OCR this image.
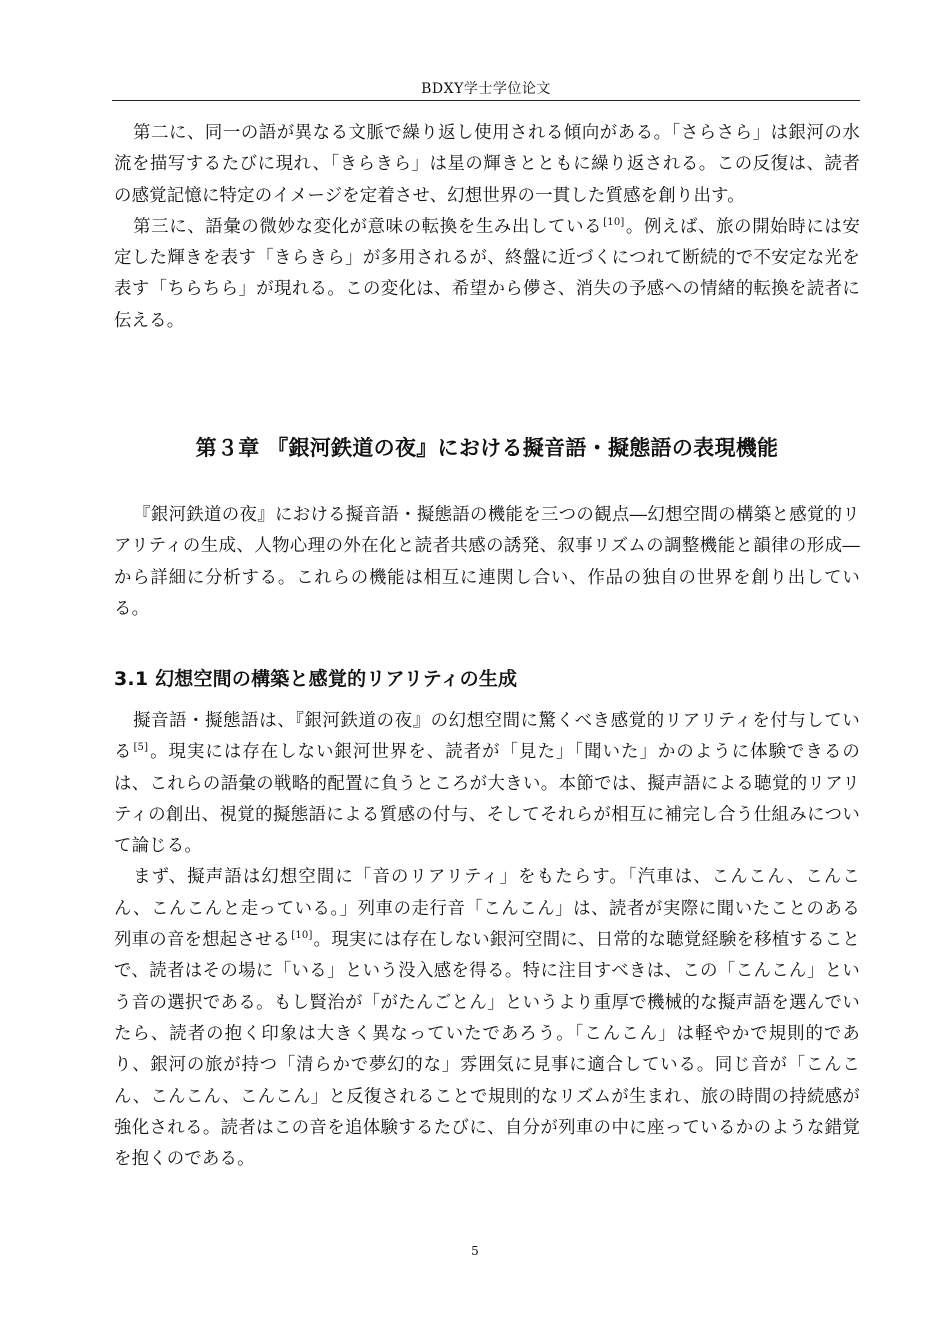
BDXY学士学位论文

第二に、同一の語が異なる文脈で繰り返し使用される傾向がある。「さらさら」は銀河の水流を描写するたびに現れ、「きらきら」は星の輝きとともに繰り返される。この反復は、読者の感覚記憶に特定のイメージを定着させ、幻想世界の一貫した質感を創り出す。

第三に、語彙の微妙な変化が意味の転換を生み出している[10]。例えば、旅の開始時には安定した輝きを表す「きらきら」が多用されるが、終盤に近づくにつれて断続的で不安定な光を表す「ちらちら」が現れる。この変化は、希望から儚さ、消失の予感への情緒的転換を読者に伝える。

第３章 『銀河鉄道の夜』における擬音語・擬態語の表現機能

『銀河鉄道の夜』における擬音語・擬態語の機能を三つの観点―幻想空間の構築と感覚的リアリティの生成、人物心理の外在化と読者共感の誘発、叙事リズムの調整機能と韻律の形成―から詳細に分析する。これらの機能は相互に連関し合い、作品の独自の世界を創り出している。

3.1 幻想空間の構築と感覚的リアリティの生成

擬音語・擬態語は、『銀河鉄道の夜』の幻想空間に驚くべき感覚的リアリティを付与している[5]。現実には存在しない銀河世界を、読者が「見た」「聞いた」かのように体験できるのは、これらの語彙の戦略的配置に負うところが大きい。本節では、擬声語による聴覚的リアリティの創出、視覚的擬態語による質感の付与、そしてそれらが相互に補完し合う仕組みについて論じる。

まず、擬声語は幻想空間に「音のリアリティ」をもたらす。「汽車は、こんこん、こんこん、こんこんと走っている。」列車の走行音「こんこん」は、読者が実際に聞いたことのある列車の音を想起させる[10]。現実には存在しない銀河空間に、日常的な聴覚経験を移植することで、読者はその場に「いる」という没入感を得る。特に注目すべきは、この「こんこん」という音の選択である。もし賢治が「がたんごとん」というより重厚で機械的な擬声語を選んでいたら、読者の抱く印象は大きく異なっていたであろう。「こんこん」は軽やかで規則的であり、銀河の旅が持つ「清らかで夢幻的な」雰囲気に見事に適合している。同じ音が「こんこん、こんこん、こんこん」と反復されることで規則的なリズムが生まれ、旅の時間の持続感が強化される。読者はこの音を追体験するたびに、自分が列車の中に座っているかのような錯覚を抱くのである。

5
